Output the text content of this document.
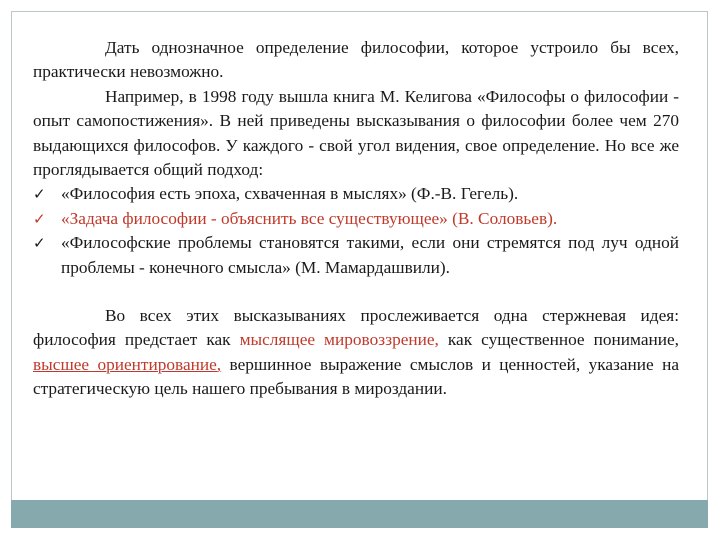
Дать однозначное определение философии, которое устроило бы всех, практически невозможно.

Например, в 1998 году вышла книга М. Келигова «Философы о философии - опыт самопостижения». В ней приведены высказывания о философии более чем 270 выдающихся философов. У каждого - свой угол видения, свое определение. Но все же проглядывается общий подход:

✓ «Философия есть эпоха, схваченная в мыслях» (Ф.-В. Гегель).
✓ «Задача философии - объяснить все существующее» (В. Соловьев).
✓ «Философские проблемы становятся такими, если они стремятся под луч одной проблемы - конечного смысла» (М. Мамардашвили).

Во всех этих высказываниях прослеживается одна стержневая идея: философия предстает как мыслящее мировоззрение, как существенное понимание, высшее ориентирование, вершинное выражение смыслов и ценностей, указание на стратегическую цель нашего пребывания в мироздании.
